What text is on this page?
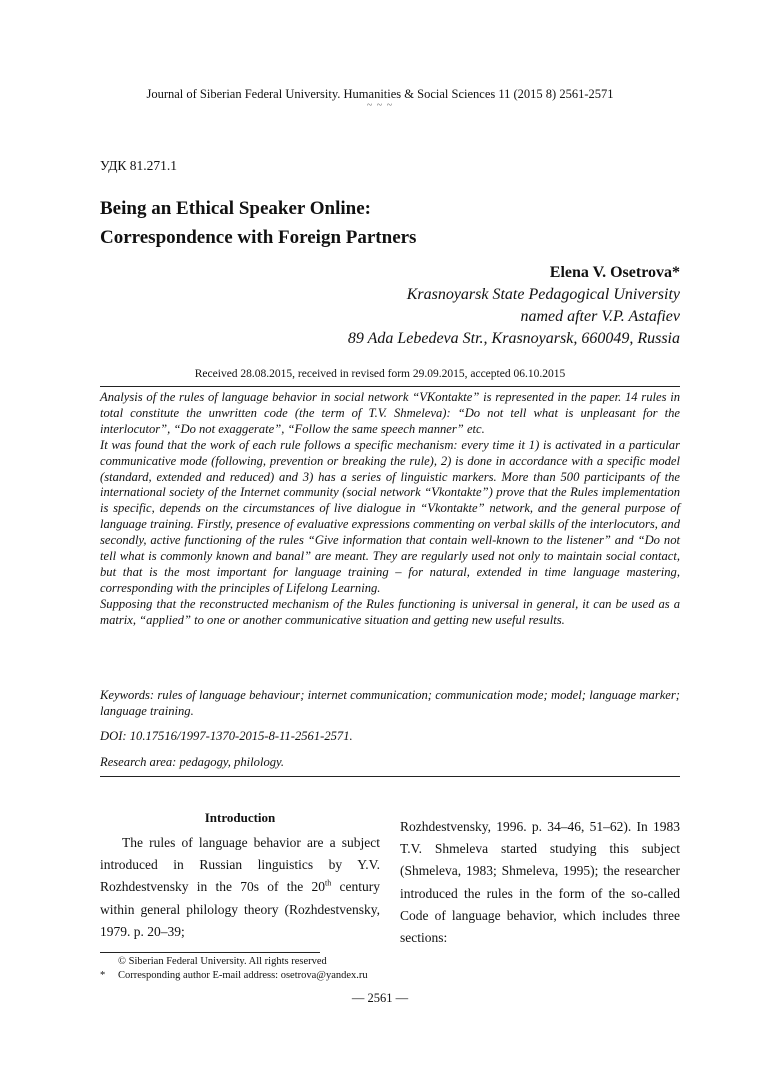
Journal of Siberian Federal University. Humanities & Social Sciences 11 (2015 8) 2561-2571
~ ~ ~
УДК 81.271.1
Being an Ethical Speaker Online:
Correspondence with Foreign Partners
Elena V. Osetrova*
Krasnoyarsk State Pedagogical University
named after V.P. Astafiev
89 Ada Lebedeva Str., Krasnoyarsk, 660049, Russia
Received 28.08.2015, received in revised form 29.09.2015, accepted 06.10.2015

Analysis of the rules of language behavior in social network “VKontakte” is represented in the paper. 14 rules in total constitute the unwritten code (the term of T.V. Shmeleva): “Do not tell what is unpleasant for the interlocutor”, “Do not exaggerate”, “Follow the same speech manner” etc.

It was found that the work of each rule follows a specific mechanism: every time it 1) is activated in a particular communicative mode (following, prevention or breaking the rule), 2) is done in accordance with a specific model (standard, extended and reduced) and 3) has a series of linguistic markers. More than 500 participants of the international society of the Internet community (social network “Vkontakte”) prove that the Rules implementation is specific, depends on the circumstances of live dialogue in “Vkontakte” network, and the general purpose of language training. Firstly, presence of evaluative expressions commenting on verbal skills of the interlocutors, and secondly, active functioning of the rules “Give information that contain well-known to the listener” and “Do not tell what is commonly known and banal” are meant. They are regularly used not only to maintain social contact, but that is the most important for language training – for natural, extended in time language mastering, corresponding with the principles of Lifelong Learning.

Supposing that the reconstructed mechanism of the Rules functioning is universal in general, it can be used as a matrix, “applied” to one or another communicative situation and getting new useful results.

Keywords: rules of language behaviour; internet communication; communication mode; model; language marker; language training.
DOI: 10.17516/1997-1370-2015-8-11-2561-2571.
Research area: pedagogy, philology.
Introduction
The rules of language behavior are a subject introduced in Russian linguistics by Y.V. Rozhdestvensky in the 70s of the 20th century within general philology theory (Rozhdestvensky, 1979. p. 20–39;
Rozhdestvensky, 1996. p. 34–46, 51–62). In 1983 T.V. Shmeleva started studying this subject (Shmeleva, 1983; Shmeleva, 1995); the researcher introduced the rules in the form of the so-called Code of language behavior, which includes three sections:
© Siberian Federal University. All rights reserved
* Corresponding author E-mail address: osetrova@yandex.ru
— 2561 —
